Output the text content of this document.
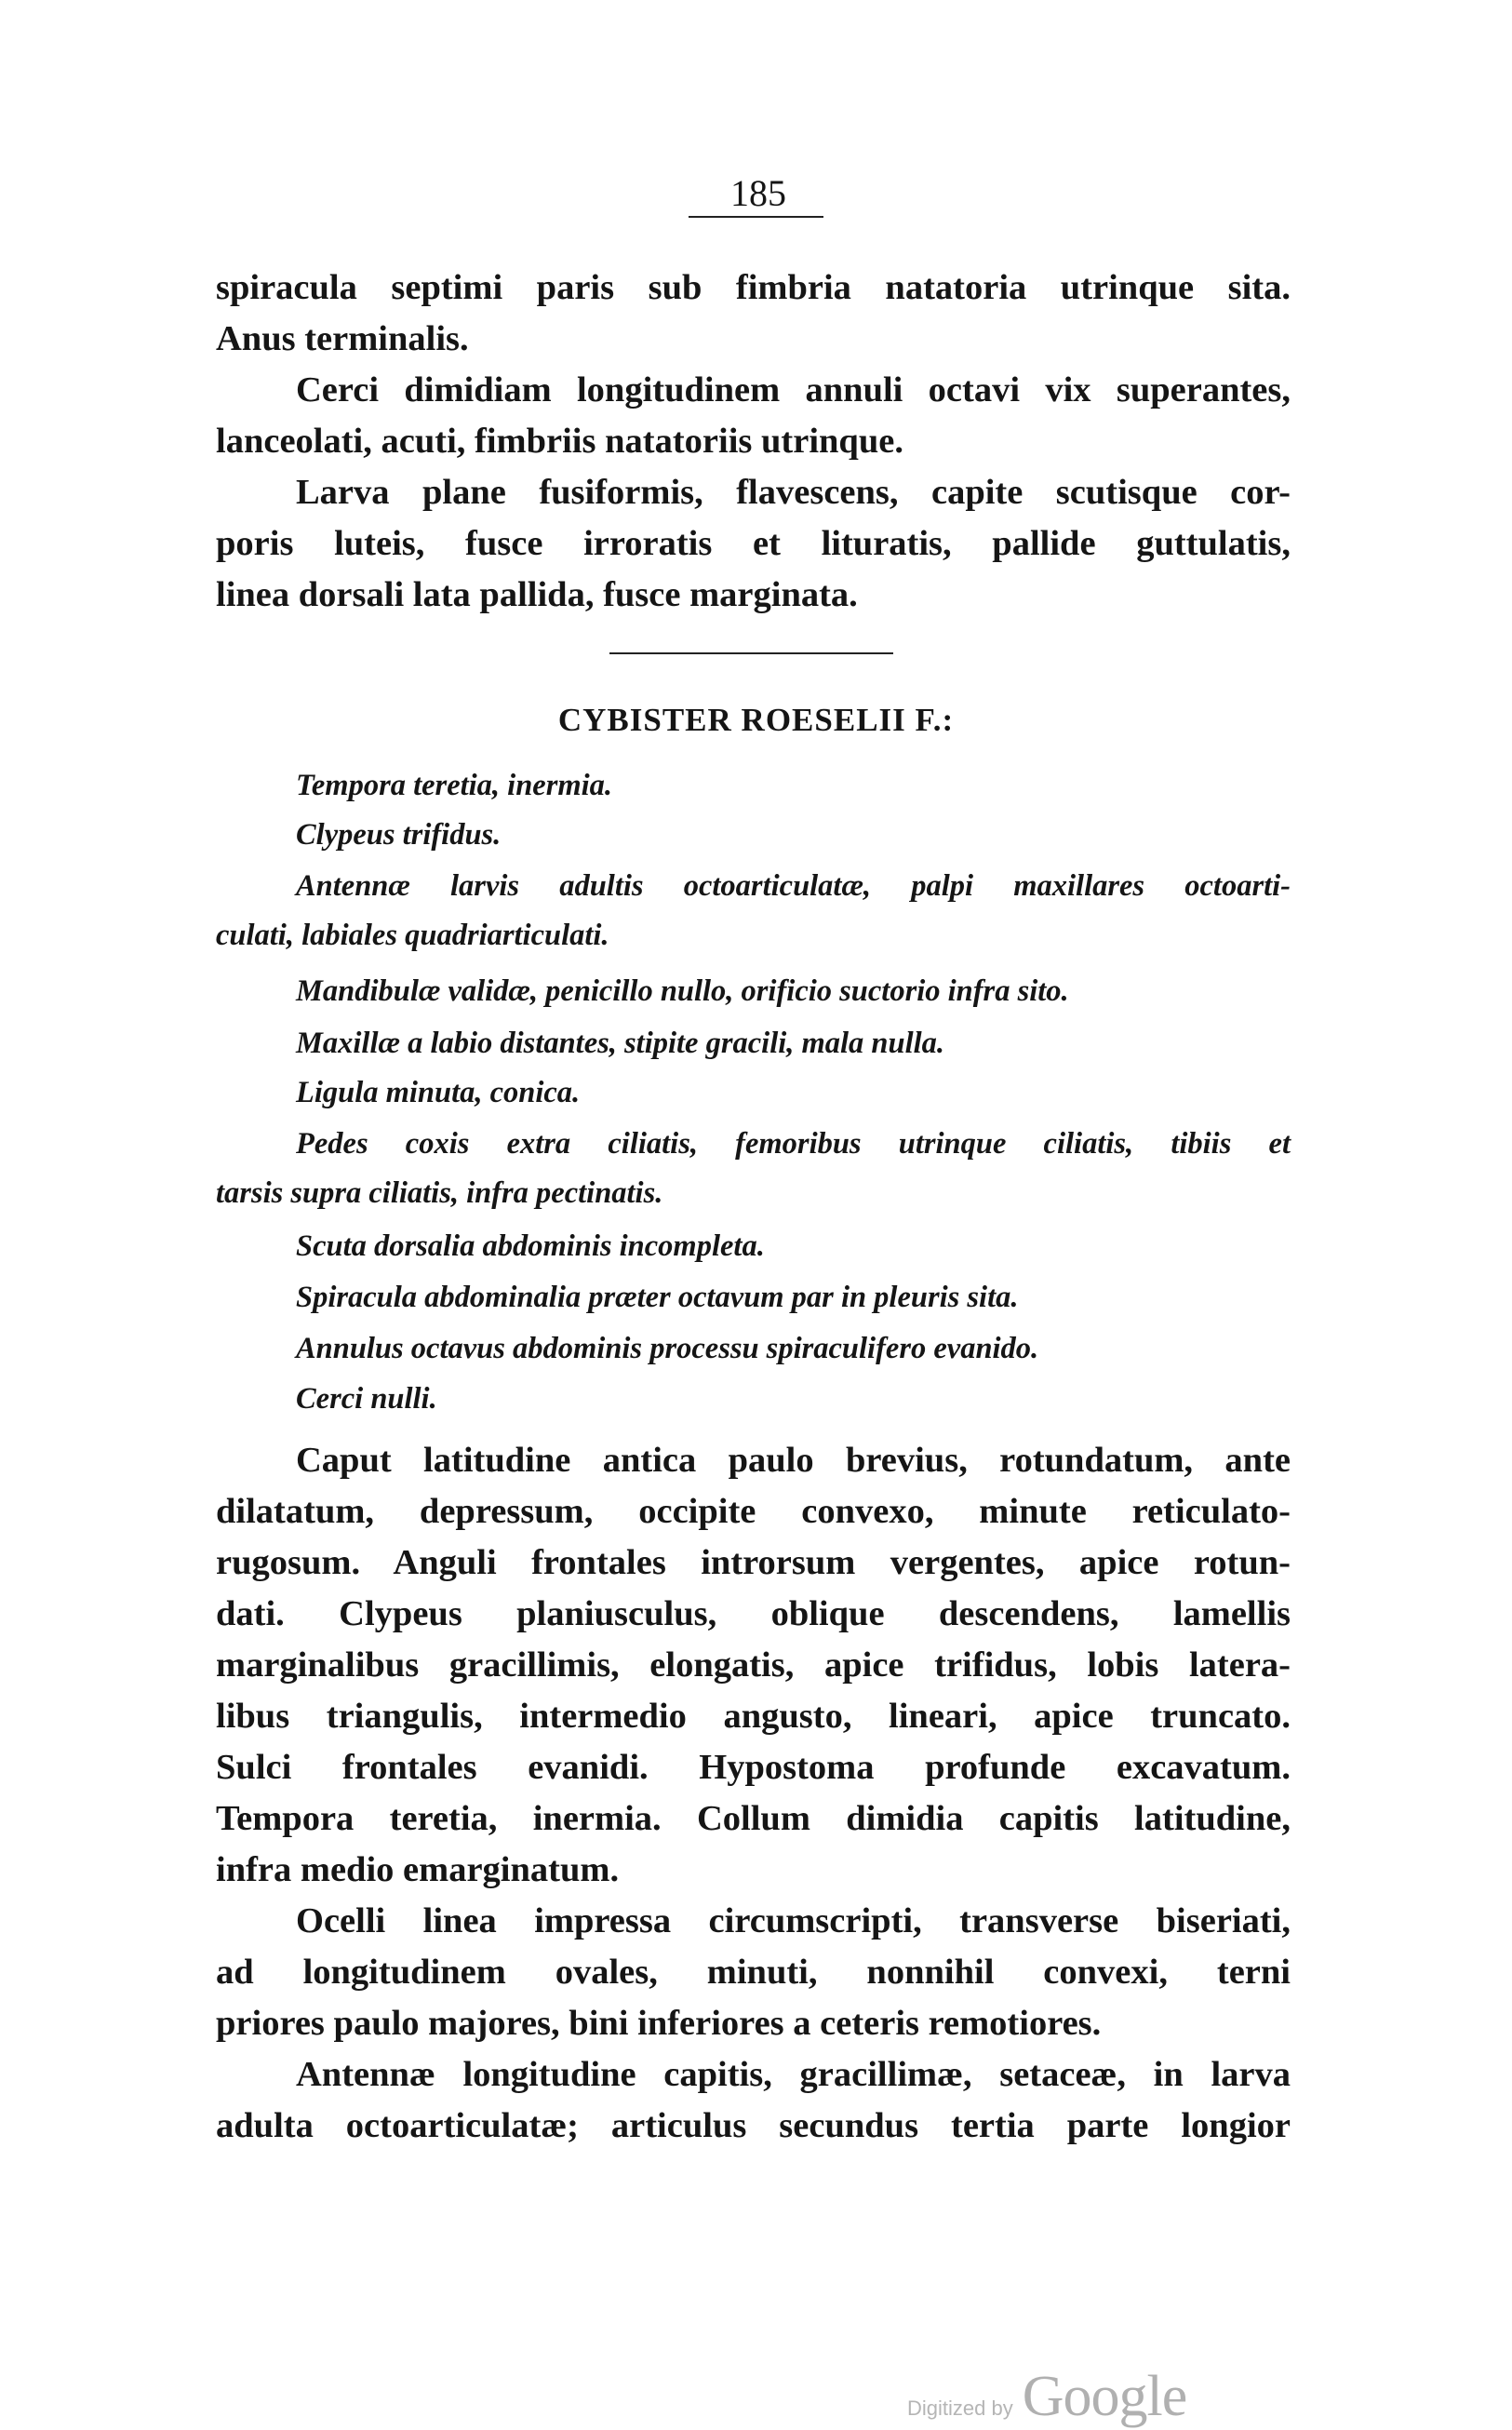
185
spiracula septimi paris sub fimbria natatoria utrinque sita.
Anus terminalis.
Cerci dimidiam longitudinem annuli octavi vix superantes,
lanceolati, acuti, fimbriis natatoriis utrinque.
Larva plane fusiformis, flavescens, capite scutisque cor-
poris luteis, fusce irroratis et lituratis, pallide guttulatis,
linea dorsali lata pallida, fusce marginata.
CYBISTER ROESELII F.:
Tempora teretia, inermia.
Clypeus trifidus.
Antennæ larvis adultis octoarticulatæ, palpi maxillares octoarti-
culati, labiales quadriarticulati.
Mandibulæ validæ, penicillo nullo, orificio suctorio infra sito.
Maxillæ a labio distantes, stipite gracili, mala nulla.
Ligula minuta, conica.
Pedes coxis extra ciliatis, femoribus utrinque ciliatis, tibiis et
tarsis supra ciliatis, infra pectinatis.
Scuta dorsalia abdominis incompleta.
Spiracula abdominalia præter octavum par in pleuris sita.
Annulus octavus abdominis processu spiraculifero evanido.
Cerci nulli.
Caput latitudine antica paulo brevius, rotundatum, ante
dilatatum, depressum, occipite convexo, minute reticulato-
rugosum. Anguli frontales introrsum vergentes, apice rotun-
dati. Clypeus planiusculus, oblique descendens, lamellis
marginalibus gracillimis, elongatis, apice trifidus, lobis latera-
libus triangulis, intermedio angusto, lineari, apice truncato.
Sulci frontales evanidi. Hypostoma profunde excavatum.
Tempora teretia, inermia. Collum dimidia capitis latitudine,
infra medio emarginatum.
Ocelli linea impressa circumscripti, transverse biseriati,
ad longitudinem ovales, minuti, nonnihil convexi, terni
priores paulo majores, bini inferiores a ceteris remotiores.
Antennæ longitudine capitis, gracillimæ, setaceæ, in larva
adulta octoarticulatæ; articulus secundus tertia parte longior
Digitized by Google
